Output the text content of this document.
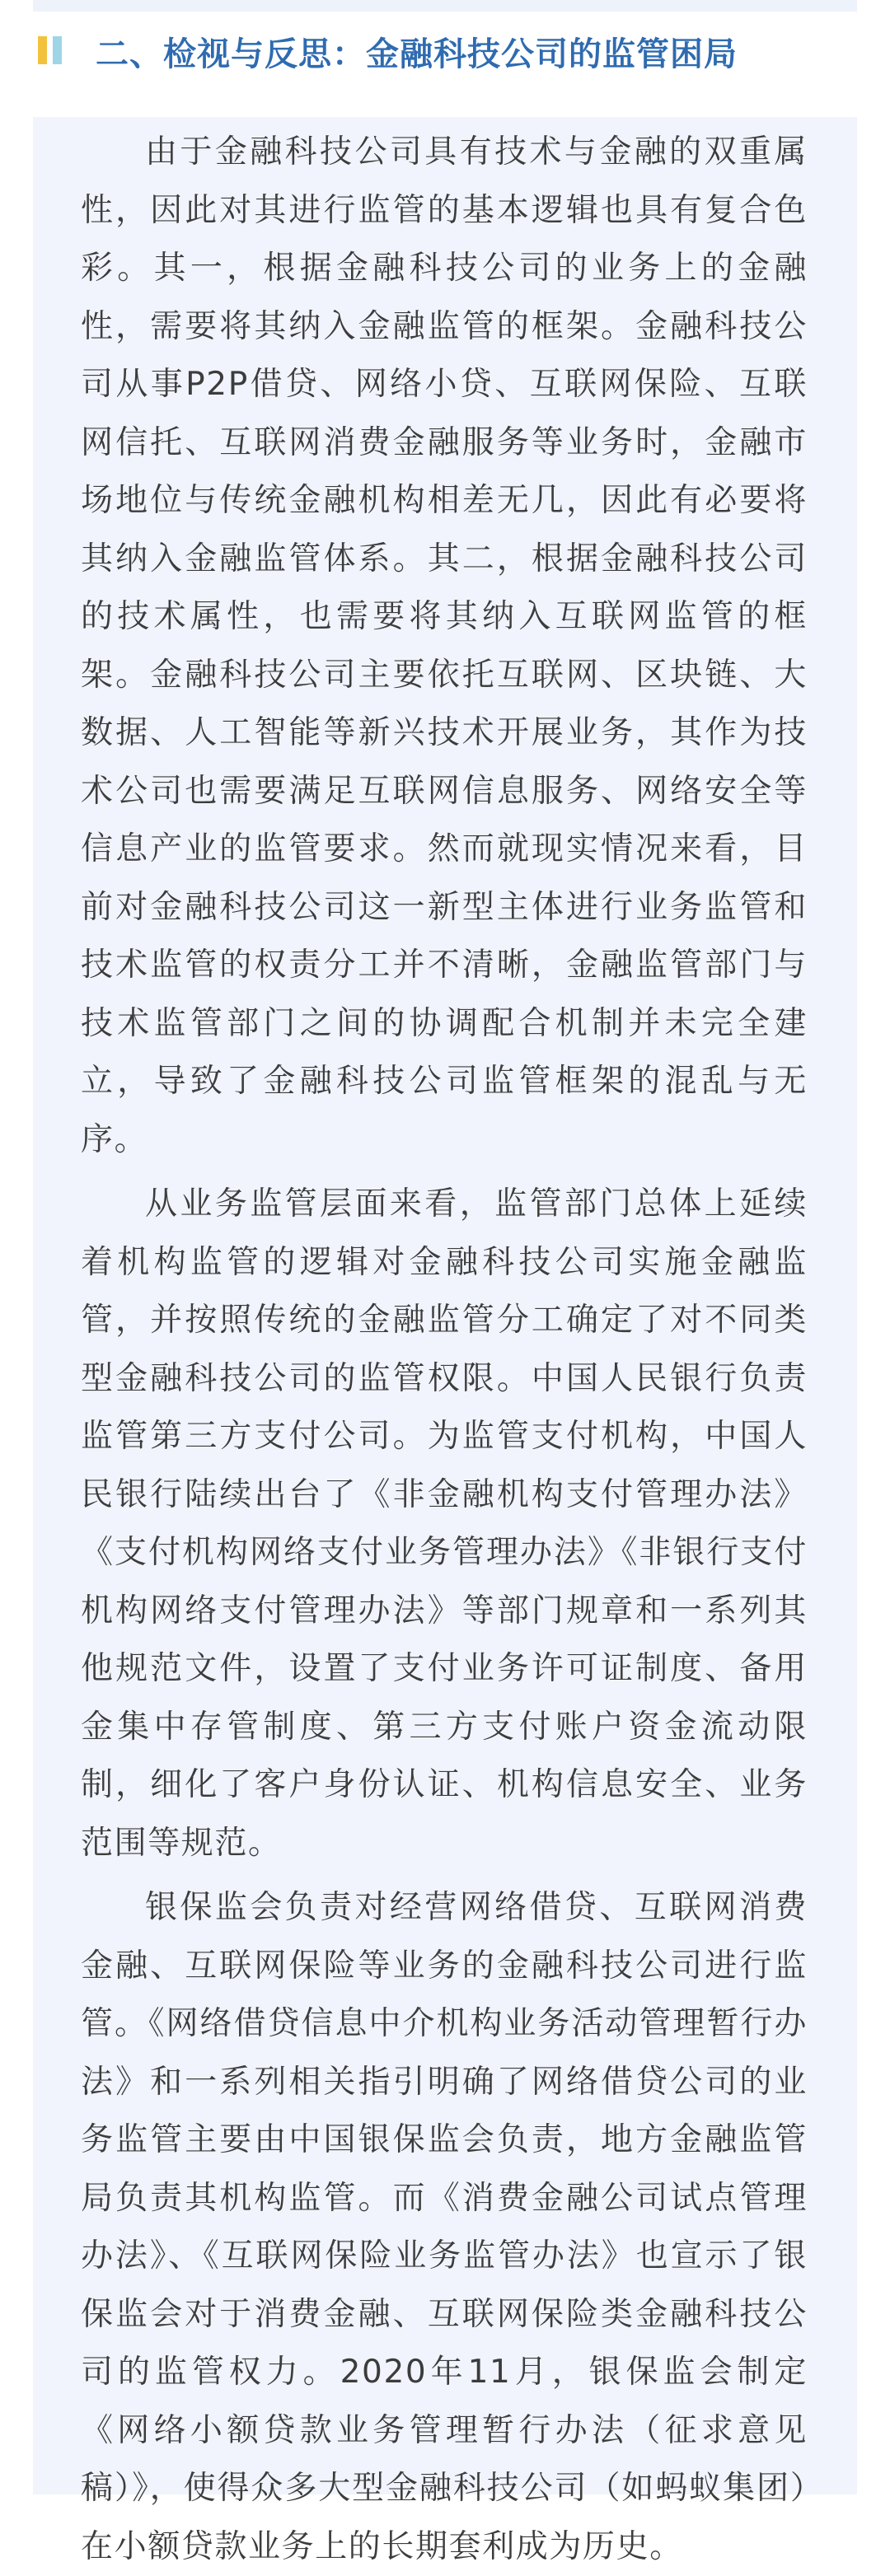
二、检视与反思：金融科技公司的监管困局

由于金融科技公司具有技术与金融的双重属性，因此对其进行监管的基本逻辑也具有复合色彩。其一，根据金融科技公司的业务上的金融性，需要将其纳入金融监管的框架。金融科技公司从事P2P借贷、网络小贷、互联网保险、互联网信托、互联网消费金融服务等业务时，金融市场地位与传统金融机构相差无几，因此有必要将其纳入金融监管体系。其二，根据金融科技公司的技术属性，也需要将其纳入互联网监管的框架。金融科技公司主要依托互联网、区块链、大数据、人工智能等新兴技术开展业务，其作为技术公司也需要满足互联网信息服务、网络安全等信息产业的监管要求。然而就现实情况来看，目前对金融科技公司这一新型主体进行业务监管和技术监管的权责分工并不清晰，金融监管部门与技术监管部门之间的协调配合机制并未完全建立，导致了金融科技公司监管框架的混乱与无序。

从业务监管层面来看，监管部门总体上延续着机构监管的逻辑对金融科技公司实施金融监管，并按照传统的金融监管分工确定了对不同类型金融科技公司的监管权限。中国人民银行负责监管第三方支付公司。为监管支付机构，中国人民银行陆续出台了《非金融机构支付管理办法》《支付机构网络支付业务管理办法》《非银行支付机构网络支付管理办法》等部门规章和一系列其他规范文件，设置了支付业务许可证制度、备用金集中存管制度、第三方支付账户资金流动限制，细化了客户身份认证、机构信息安全、业务范围等规范。

银保监会负责对经营网络借贷、互联网消费金融、互联网保险等业务的金融科技公司进行监管。《网络借贷信息中介机构业务活动管理暂行办法》和一系列相关指引明确了网络借贷公司的业务监管主要由中国银保监会负责，地方金融监管局负责其机构监管。而《消费金融公司试点管理办法》、《互联网保险业务监管办法》也宣示了银保监会对于消费金融、互联网保险类金融科技公司的监管权力。2020年11月，银保监会制定《网络小额贷款业务管理暂行办法（征求意见稿）》，使得众多大型金融科技公司（如蚂蚁集团）在小额贷款业务上的长期套利成为历史。
